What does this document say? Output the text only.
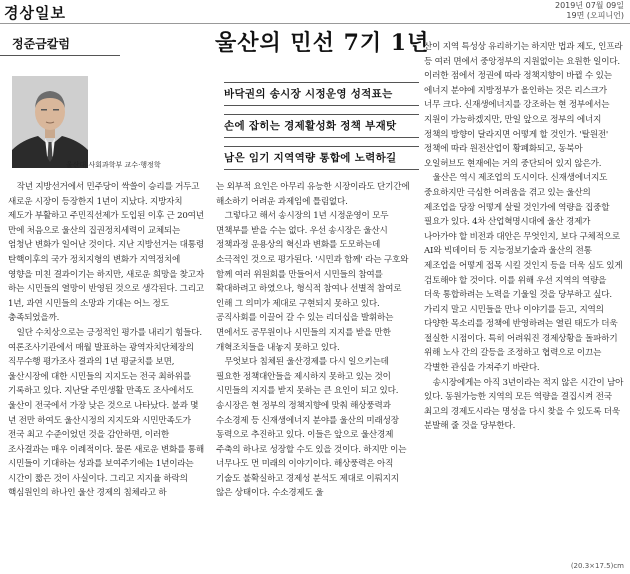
경상일보	2019년 07월 09일
19면 (오피니언)
정준금칼럼	울산의 민선 7기 1년
울산대 사회과학부 교수·행정학
바닥권의 송시장 시정운영 성적표는
손에 잡히는 경제활성화 정책 부재탓
남은 임기 지역역량 통합에 노력하길

작년 지방선거에서 민주당이 싹쓸이 승리를 거두고 새로운 시장이 등장한지 1년이 지났다. 지방자치 제도가 부활하고 주민직선제가 도입된 이후 근 20여년 만에 처음으로 울산의 집권정치세력이 교체되는 엄청난 변화가 일어난 것이다. 지난 지방선거는 대통령 탄핵이후의 국가 정치지형의 변화가 지역정치에 영향을 미친 결과이기는 하지만, 새로운 희망을 찾고자 하는 시민들의 열망이 반영된 것으로 생각된다. 그리고 1년, 과연 시민들의 소망과 기대는 어느 정도 충족되었을까.

일단 수치상으로는 긍정적인 평가를 내리기 힘들다. 여론조사기관에서 매월 발표하는 광역자치단체장의 직무수행 평가조사 결과의 1년 평균치를 보면, 울산시장에 대한 시민들의 지지도는 전국 최하위를 기록하고 있다. 지난달 주민생활 만족도 조사에서도 울산이 전국에서 가장 낮은 것으로 나타났다. 불과 몇 년 전만 하여도 울산시정의 지지도와 시민만족도가 전국 최고 수준이었던 것을 감안하면, 이러한 조사결과는 매우 이례적이다. 물론 새로운 변화를 통해 시민들이 기대하는 성과를 보여주기에는 1년이라는 시간이 짧은 것이 사실이다. 그리고 지지율 하락의 핵심원인의 하나인 울산 경제의 침체라고 하

는 외부적 요인은 아무리 유능한 시장이라도 단기간에 해소하기 어려운 과제임에 틀림없다.

그렇다고 해서 송시장의 1년 시정운영이 모두 면책부를 받을 수는 없다. 우선 송시장은 울산시 정책과정 운용상의 혁신과 변화를 도모하는데 소극적인 것으로 평가된다. '시민과 함께' 라는 구호와 함께 여러 위원회를 만들어서 시민들의 참여를 확대하려고 하였으나, 형식적 참여나 선별적 참여로 인해 그 의미가 제대로 구현되지 못하고 있다. 공직사회를 이끌어 갈 수 있는 리더십을 발휘하는 면에서도 공무원이나 시민들의 지지를 받을 만한 개혁조치들을 내놓지 못하고 있다.

무엇보다 침체된 울산경제를 다시 일으키는데 필요한 정책대안들을 제시하지 못하고 있는 것이 시민들의 지지를 받지 못하는 큰 요인이 되고 있다. 송시장은 현 정부의 정책지향에 맞춰 해상풍력과 수소경제 등 신재생에너지 분야를 울산의 미래성장 동력으로 추진하고 있다. 이들은 앞으로 울산경제 주축의 하나로 성장할 수도 있을 것이다. 하지만 이는 너무나도 먼 미래의 이야기이다. 해상풍력은 아직 기술도 불확실하고 경제성 분석도 제대로 이뤄지지 않은 상태이다. 수소경제도 울

산이 지역 특성상 유리하기는 하지만 법과 제도, 인프라 등 여러 면에서 중앙정부의 지원없이는 요원한 일이다. 이러한 점에서 정권에 따라 정책지향이 바뀔 수 있는 에너지 분야에 지방정부가 올인하는 것은 리스크가 너무 크다. 신재생에너지를 강조하는 현 정부에서는 지원이 가능하겠지만, 만일 앞으로 정부의 에너지 정책의 방향이 달라지면 어떻게 할 것인가. '탈원전' 정책에 따라 원전산업이 황폐화되고, 동북아 오일허브도 현재에는 거의 중단되어 있지 않은가.

울산은 역시 제조업의 도시이다. 신재생에너지도 중요하지만 극심한 어려움을 겪고 있는 울산의 제조업을 당장 어떻게 살릴 것인가에 역량을 집중할 필요가 있다. 4차 산업혁명시대에 울산 경제가 나아가야 할 비전과 대안은 무엇인지, 보다 구체적으로 AI와 빅데이터 등 지능정보기술과 울산의 전통 제조업을 어떻게 접목 시킬 것인지 등을 더욱 심도 있게 검토해야 할 것이다. 이를 위해 우선 지역의 역량을 더욱 통합하려는 노력을 기울일 것을 당부하고 싶다. 가리지 말고 시민들을 만나 이야기를 듣고, 지역의 다양한 목소리를 정책에 반영하려는 열린 태도가 더욱 절실한 시점이다. 특히 어려워진 경제상황을 돌파하기 위해 노사 간의 갈등을 조정하고 협력으로 이끄는 각별한 관심을 가져주기 바란다.

송시장에게는 아직 3년이라는 적지 않은 시간이 남아 있다. 동원가능한 지역의 모든 역량을 결집시켜 전국 최고의 경제도시라는 명성을 다시 찾을 수 있도록 더욱 분발해 줄 것을 당부한다.

(20.3×17.5)cm
